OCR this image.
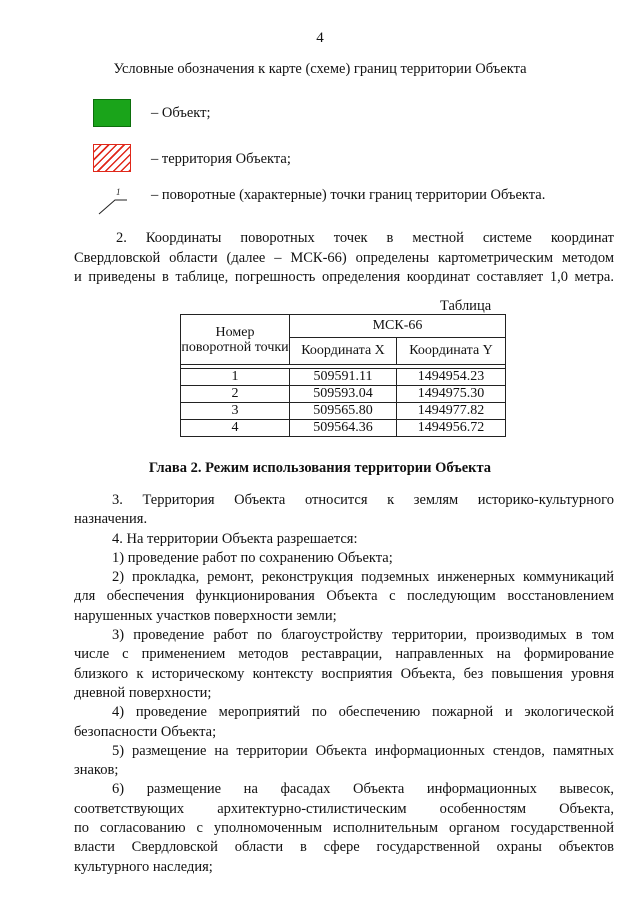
4
Условные обозначения к карте (схеме) границ территории Объекта
– Объект;
– территория Объекта;
1 – поворотные (характерные) точки границ территории Объекта.
2. Координаты поворотных точек в местной системе координат
Свердловской области (далее – МСК-66) определены картометрическим методом
и приведены в таблице, погрешность определения координат составляет 1,0 метра.
Таблица
Номер поворотной точки	МСК-66	
	Координата X	Координата Y

1	509591.11	1494954.23
2	509593.04	1494975.30
3	509565.80	1494977.82
4	509564.36	1494956.72
Глава 2. Режим использования территории Объекта
3. Территория Объекта относится к землям историко-культурного
назначения.
4. На территории Объекта разрешается:
1) проведение работ по сохранению Объекта;
2) прокладка, ремонт, реконструкция подземных инженерных коммуникаций
для обеспечения функционирования Объекта с последующим восстановлением
нарушенных участков поверхности земли;
3) проведение работ по благоустройству территории, производимых в том
числе с применением методов реставрации, направленных на формирование
близкого к историческому контексту восприятия Объекта, без повышения уровня
дневной поверхности;
4) проведение мероприятий по обеспечению пожарной и экологической
безопасности Объекта;
5) размещение на территории Объекта информационных стендов, памятных
знаков;
6) размещение на фасадах Объекта информационных вывесок,
соответствующих архитектурно-стилистическим особенностям Объекта,
по согласованию с уполномоченным исполнительным органом государственной
власти Свердловской области в сфере государственной охраны объектов
культурного наследия;
